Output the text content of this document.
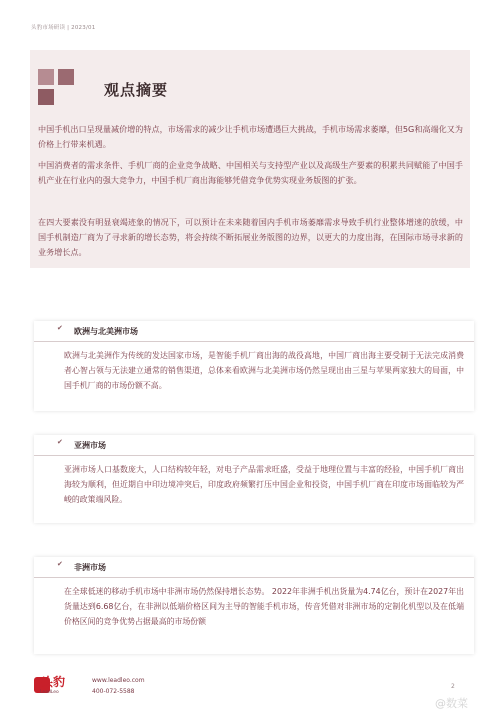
头豹市场研读 | 2023/01
观点摘要

中国手机出口呈现量减价增的特点，市场需求的减少让手机市场遭遇巨大挑战，手机市场需求萎靡，但5G和高端化又为价格上行带来机遇。

中国消费者的需求条件、手机厂商的企业竞争战略、中国相关与支持型产业以及高级生产要素的积累共同赋能了中国手机产业在行业内的强大竞争力，中国手机厂商出海能够凭借竞争优势实现业务版图的扩张。

在四大要素没有明显衰竭迹象的情况下，可以预计在未来随着国内手机市场萎靡需求导致手机行业整体增速的放缓，中国手机制造厂商为了寻求新的增长态势，将会持续不断拓展业务版图的边界，以更大的力度出海，在国际市场寻求新的业务增长点。

✔	欧洲与北美洲市场

欧洲与北美洲作为传统的发达国家市场，是智能手机厂商出海的战役高地，中国厂商出海主要受制于无法完成消费者心智占领与无法建立通常的销售渠道，总体来看欧洲与北美洲市场仍然呈现出由三星与苹果两家独大的局面，中国手机厂商的市场份额不高。

✔	亚洲市场

亚洲市场人口基数庞大，人口结构较年轻，对电子产品需求旺盛，受益于地理位置与丰富的经验，中国手机厂商出海较为顺利，但近期自中印边境冲突后，印度政府频繁打压中国企业和投资，中国手机厂商在印度市场面临较为严峻的政策端风险。

✔	非洲市场

在全球低迷的移动手机市场中非洲市场仍然保持增长态势。 2022年非洲手机出货量为4.74亿台，预计在2027年出货量达到6.68亿台，在非洲以低端价格区间为主导的智能手机市场，传音凭借对非洲市场的定制化机型以及在低端价格区间的竞争优势占据最高的市场份额

头豹
LeadLeo
www.leadleo.com
400-072-5588
2
@数菜
